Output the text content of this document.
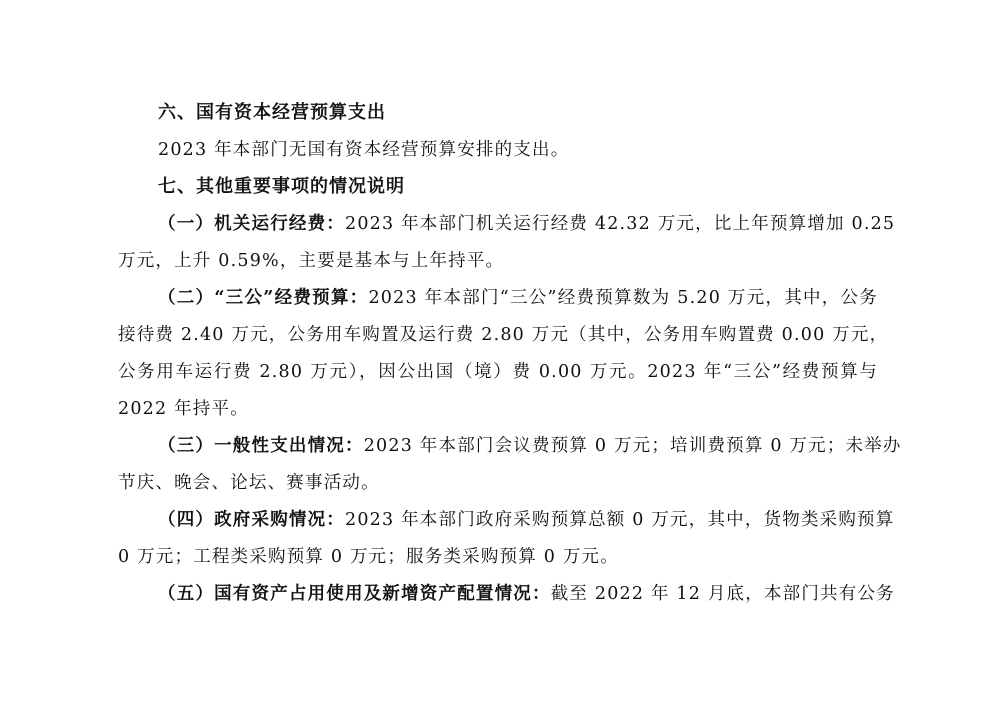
六、国有资本经营预算支出
2023 年本部门无国有资本经营预算安排的支出。
七、其他重要事项的情况说明
（一）机关运行经费：2023 年本部门机关运行经费 42.32 万元，比上年预算增加 0.25
万元，上升 0.59%，主要是基本与上年持平。
（二）“三公”经费预算：2023 年本部门“三公”经费预算数为 5.20 万元，其中，公务
接待费 2.40 万元，公务用车购置及运行费 2.80 万元（其中，公务用车购置费 0.00 万元，
公务用车运行费 2.80 万元），因公出国（境）费 0.00 万元。2023 年“三公”经费预算与
2022 年持平。
（三）一般性支出情况：2023 年本部门会议费预算 0 万元；培训费预算 0 万元；未举办
节庆、晚会、论坛、赛事活动。
（四）政府采购情况：2023 年本部门政府采购预算总额 0 万元，其中，货物类采购预算
0 万元；工程类采购预算 0 万元；服务类采购预算 0 万元。
（五）国有资产占用使用及新增资产配置情况：截至 2022 年 12 月底，本部门共有公务
